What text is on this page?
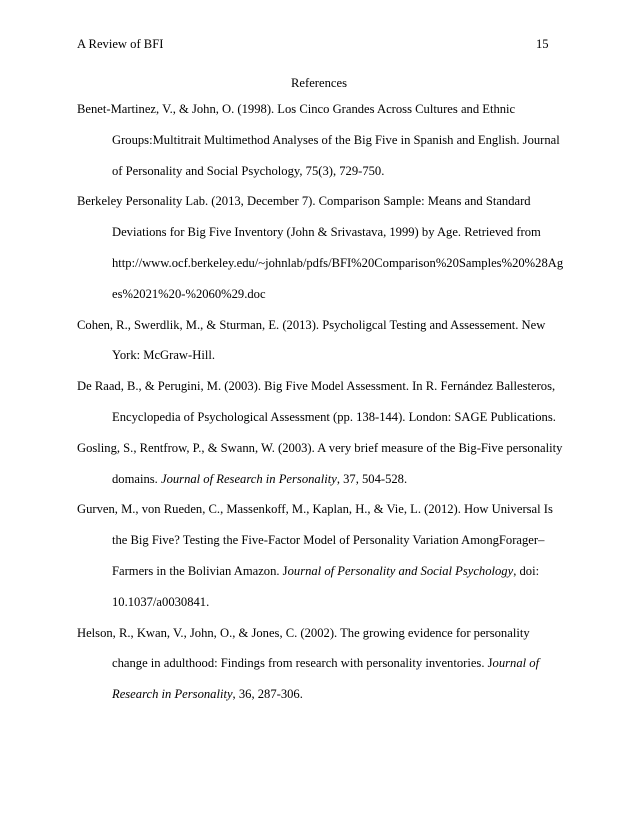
A Review of BFI	15
References

Benet-Martinez, V., & John, O. (1998). Los Cinco Grandes Across Cultures and Ethnic

Groups:Multitrait Multimethod Analyses of the Big Five in Spanish and English. Journal

of Personality and Social Psychology, 75(3), 729-750.

Berkeley Personality Lab. (2013, December 7). Comparison Sample: Means and Standard

Deviations for Big Five Inventory (John & Srivastava, 1999) by Age. Retrieved from

http://www.ocf.berkeley.edu/~johnlab/pdfs/BFI%20Comparison%20Samples%20%28Ag

es%2021%20-%2060%29.doc

Cohen, R., Swerdlik, M., & Sturman, E. (2013). Psycholigcal Testing and Assessement. New

York: McGraw-Hill.

De Raad, B., & Perugini, M. (2003). Big Five Model Assessment. In R. Fernández Ballesteros,

Encyclopedia of Psychological Assessment (pp. 138-144). London: SAGE Publications.

Gosling, S., Rentfrow, P., & Swann, W. (2003). A very brief measure of the Big-Five personality

domains. Journal of Research in Personality, 37, 504-528.

Gurven, M., von Rueden, C., Massenkoff, M., Kaplan, H., & Vie, L. (2012). How Universal Is

the Big Five? Testing the Five-Factor Model of Personality Variation AmongForager–

Farmers in the Bolivian Amazon. Journal of Personality and Social Psychology, doi:

10.1037/a0030841.

Helson, R., Kwan, V., John, O., & Jones, C. (2002). The growing evidence for personality

change in adulthood: Findings from research with personality inventories. Journal of

Research in Personality, 36, 287-306.
